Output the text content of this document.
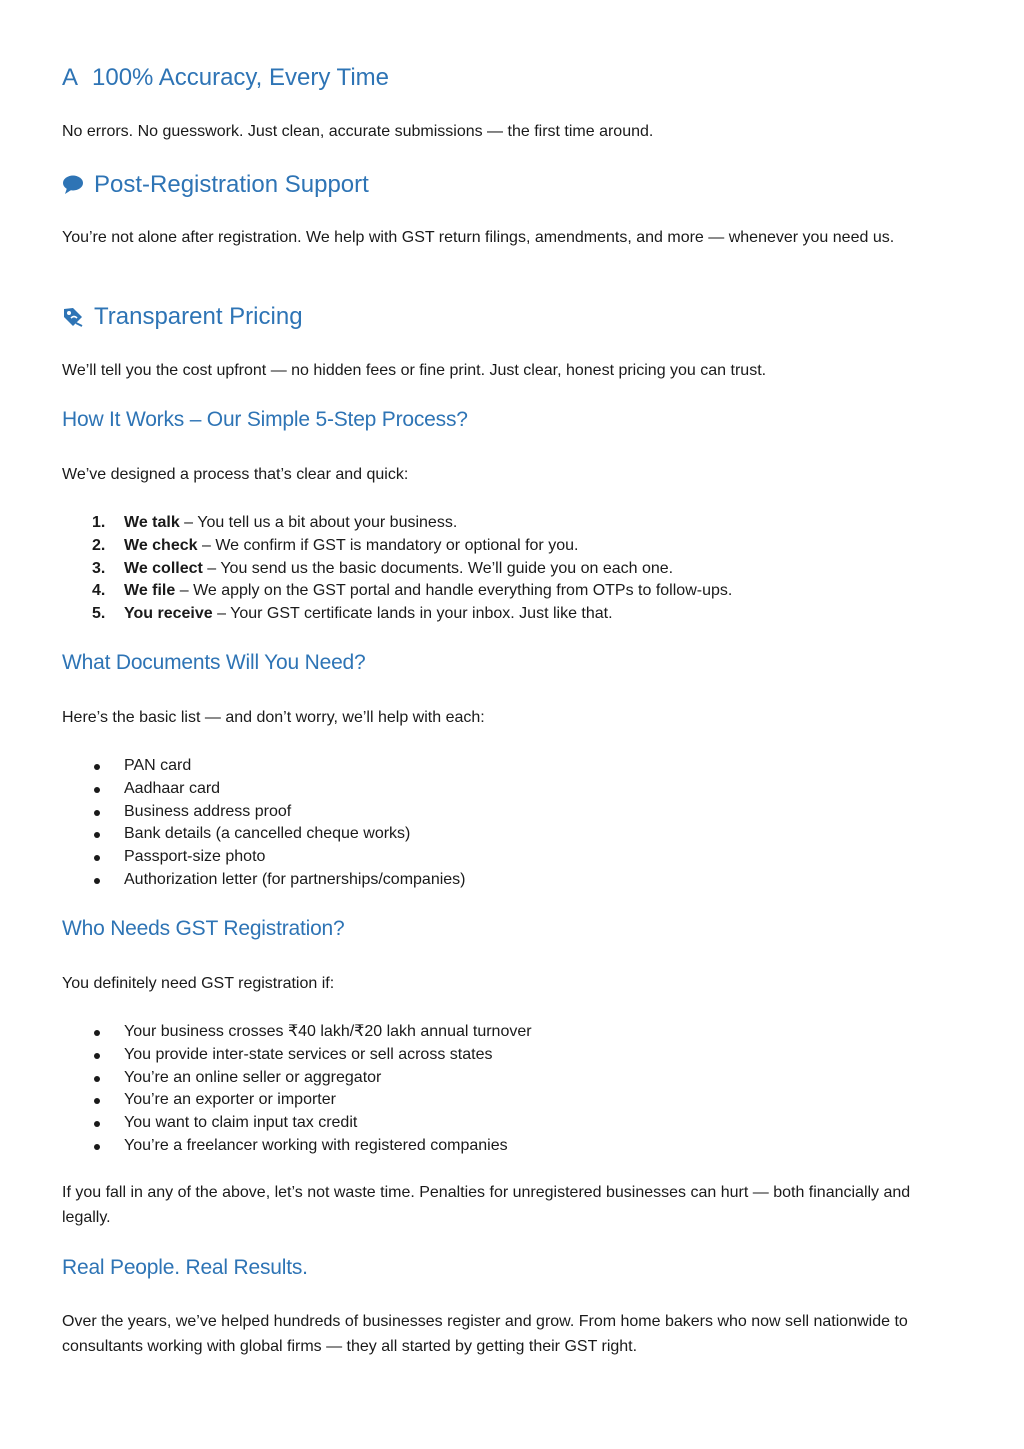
A 100% Accuracy, Every Time

No errors. No guesswork. Just clean, accurate submissions — the first time around.

Post-Registration Support

You’re not alone after registration. We help with GST return filings, amendments, and more — whenever you need us.

Transparent Pricing

We’ll tell you the cost upfront — no hidden fees or fine print. Just clear, honest pricing you can trust.

How It Works – Our Simple 5-Step Process?

We’ve designed a process that’s clear and quick:

1. We talk – You tell us a bit about your business.
2. We check – We confirm if GST is mandatory or optional for you.
3. We collect – You send us the basic documents. We’ll guide you on each one.
4. We file – We apply on the GST portal and handle everything from OTPs to follow-ups.
5. You receive – Your GST certificate lands in your inbox. Just like that.
What Documents Will You Need?

Here’s the basic list — and don’t worry, we’ll help with each:

PAN card
Aadhaar card
Business address proof
Bank details (a cancelled cheque works)
Passport-size photo
Authorization letter (for partnerships/companies)
Who Needs GST Registration?

You definitely need GST registration if:

Your business crosses ₹40 lakh/₹20 lakh annual turnover
You provide inter-state services or sell across states
You’re an online seller or aggregator
You’re an exporter or importer
You want to claim input tax credit
You’re a freelancer working with registered companies

If you fall in any of the above, let’s not waste time. Penalties for unregistered businesses can hurt — both financially and legally.

Real People. Real Results.

Over the years, we’ve helped hundreds of businesses register and grow. From home bakers who now sell nationwide to consultants working with global firms — they all started by getting their GST right.
